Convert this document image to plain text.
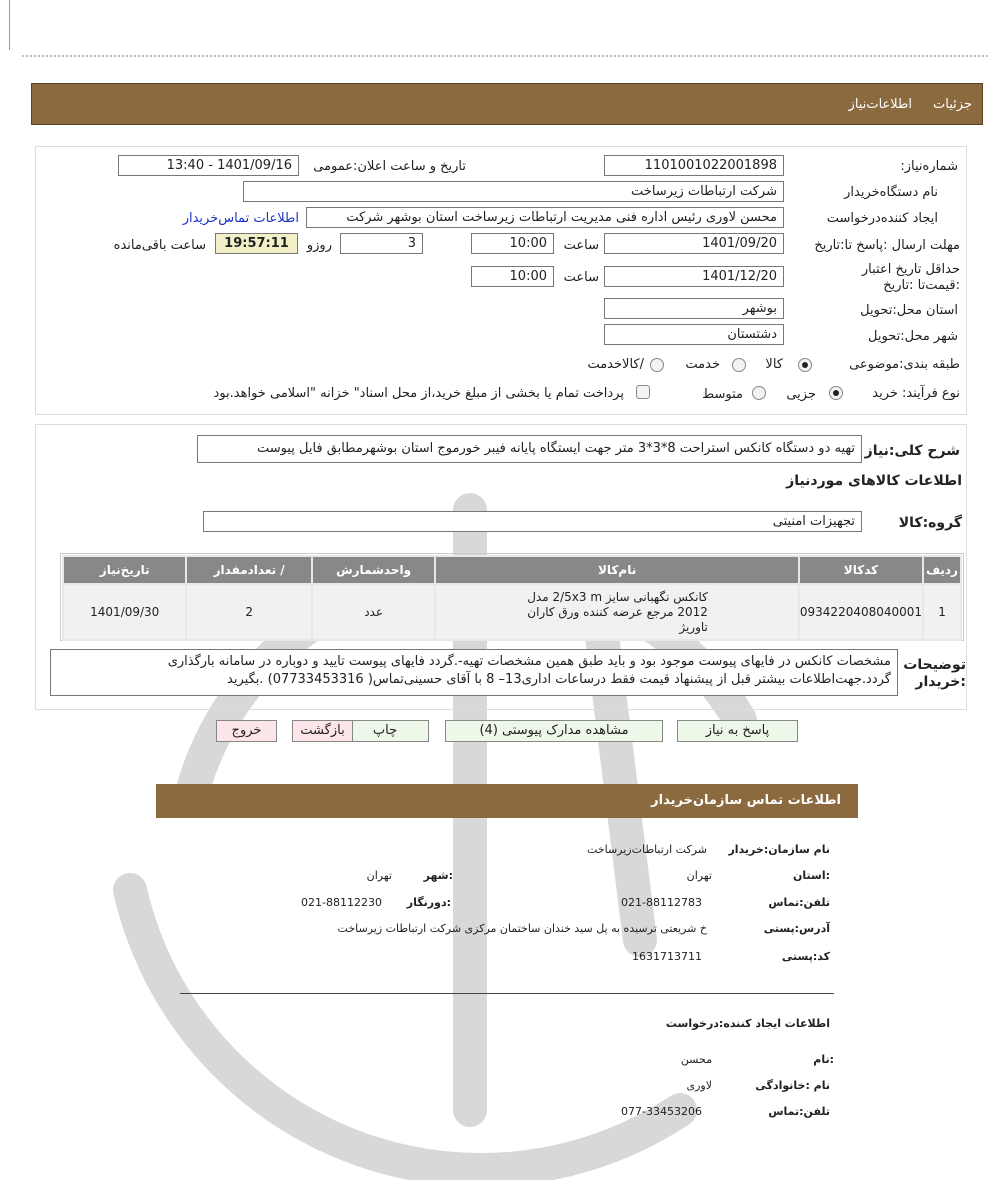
جزئیات
اطلاعات‌نیاز
شماره‌نیاز:
1101001022001898
تاریخ و ساعت اعلان:عمومی
1401/09/16 - 13:40
نام دستگاه‌خریدار
شرکت ارتباطات زیرساخت
ایجاد کننده‌درخواست
محسن لاوری رئیس اداره فنی مدیریت ارتباطات زیرساخت استان بوشهر شرکت
اطلاعات تماس‌خریدار
مهلت ارسال :پاسخ تا:تاریخ
1401/09/20
ساعت
10:00
3
روزو
19:57:11
ساعت باقی‌مانده
حداقل تاریخ اعتبار :قیمت‌تا :تاریخ
1401/12/20
ساعت
10:00
استان محل:تحویل
بوشهر
شهر محل:تحویل
دشتستان
طبقه بندی:موضوعی
کالا
خدمت
/کالاخدمت
نوع فرآیند: خرید
جزیی
متوسط
پرداخت تمام یا بخشی از مبلغ خرید،از محل اسناد" خزانه "اسلامی خواهد.بود
شرح کلی:نیاز
تهیه دو دستگاه کانکس استراحت 8*3*3 متر جهت ایستگاه پایانه فیبر خورموج استان بوشهرمطابق فایل پیوست
اطلاعات کالاهای موردنیاز
گروه:کالا
تجهیزات امنیتی
ردیف	کدکالا	نام‌کالا	واحدشمارش	/ تعدادمقدار	تاریخ‌نیاز
1	0934220408040001	کانکس نگهبانی سایز 2/5x3 m مدل
2012 مرجع عرضه کننده ورق کاران
تاوریژ	عدد	2	1401/09/30
توضیحات :خریدار
مشخصات کانکس در فایهای پیوست موجود بود و باید طبق همین مشخصات تهیه-.گردد فایهای پیوست تایید و دوباره در سامانه بارگذاری
گردد.جهت‌اطلاعات بیشتر قبل از پیشنهاد قیمت فقط درساعات اداری13– 8 با آقای حسینی‌تماس( 07733453316) .بگیرید
پاسخ به نیاز
مشاهده مدارک پیوستی (4)
چاپ
بازگشت
خروج
اطلاعات تماس سازمان‌خریدار
نام سازمان:خریدار
شرکت ارتباطات‌زیرساخت
:استان
تهران
:شهر
تهران
تلفن:تماس
021-88112783
:دورنگار
021-88112230
آدرس:پستی
خ شریعتی ترسیده به پل سید خندان ساختمان مرکزی شرکت ارتباطات زیرساخت
کد:پستی
1631713711
اطلاعات ایجاد کننده:درخواست
:نام
محسن
نام :خانوادگی
لاوری
تلفن:تماس
077-33453206
